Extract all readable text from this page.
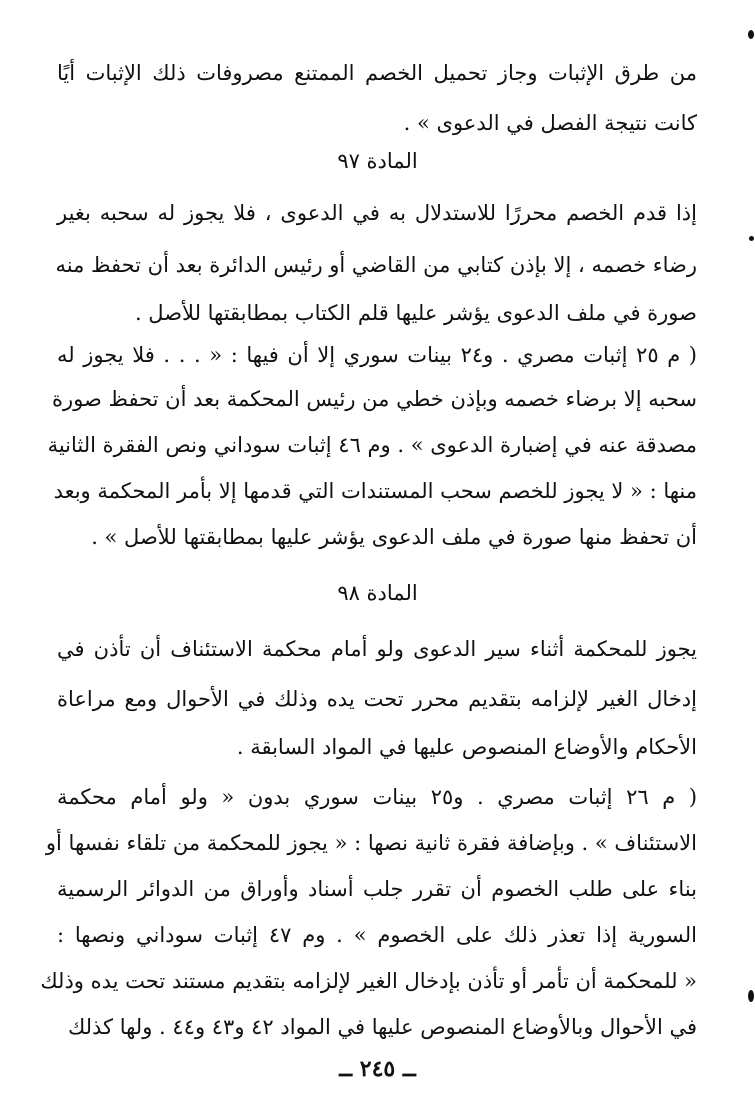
من طرق الإثبات وجاز تحميل الخصم الممتنع مصروفات ذلك الإثبات أيًا
كانت نتيجة الفصل في الدعوى » .
المادة ٩٧
إذا قدم الخصم محررًا للاستدلال به في الدعوى ، فلا يجوز له سحبه بغير
رضاء خصمه ، إلا بإذن كتابي من القاضي أو رئيس الدائرة بعد أن تحفظ منه
صورة في ملف الدعوى يؤشر عليها قلم الكتاب بمطابقتها للأصل .
( م ٢٥ إثبات مصري . و٢٤ بينات سوري إلا أن فيها : « . . . فلا يجوز له
سحبه إلا برضاء خصمه وبإذن خطي من رئيس المحكمة بعد أن تحفظ صورة
مصدقة عنه في إضبارة الدعوى » . وم ٤٦ إثبات سوداني ونص الفقرة الثانية
منها : « لا يجوز للخصم سحب المستندات التي قدمها إلا بأمر المحكمة وبعد
أن تحفظ منها صورة في ملف الدعوى يؤشر عليها بمطابقتها للأصل » .
المادة ٩٨
يجوز للمحكمة أثناء سير الدعوى ولو أمام محكمة الاستئناف أن تأذن في
إدخال الغير لإلزامه بتقديم محرر تحت يده وذلك في الأحوال ومع مراعاة
الأحكام والأوضاع المنصوص عليها في المواد السابقة .
( م ٢٦ إثبات مصري . و٢٥ بينات سوري بدون « ولو أمام محكمة
الاستئناف » . وبإضافة فقرة ثانية نصها : « يجوز للمحكمة من تلقاء نفسها أو
بناء على طلب الخصوم أن تقرر جلب أسناد وأوراق من الدوائر الرسمية
السورية إذا تعذر ذلك على الخصوم » . وم ٤٧ إثبات سوداني ونصها :
« للمحكمة أن تأمر أو تأذن بإدخال الغير لإلزامه بتقديم مستند تحت يده وذلك
في الأحوال وبالأوضاع المنصوص عليها في المواد ٤٢ و٤٣ و٤٤ . ولها كذلك
ــ ٢٤٥ ــ
